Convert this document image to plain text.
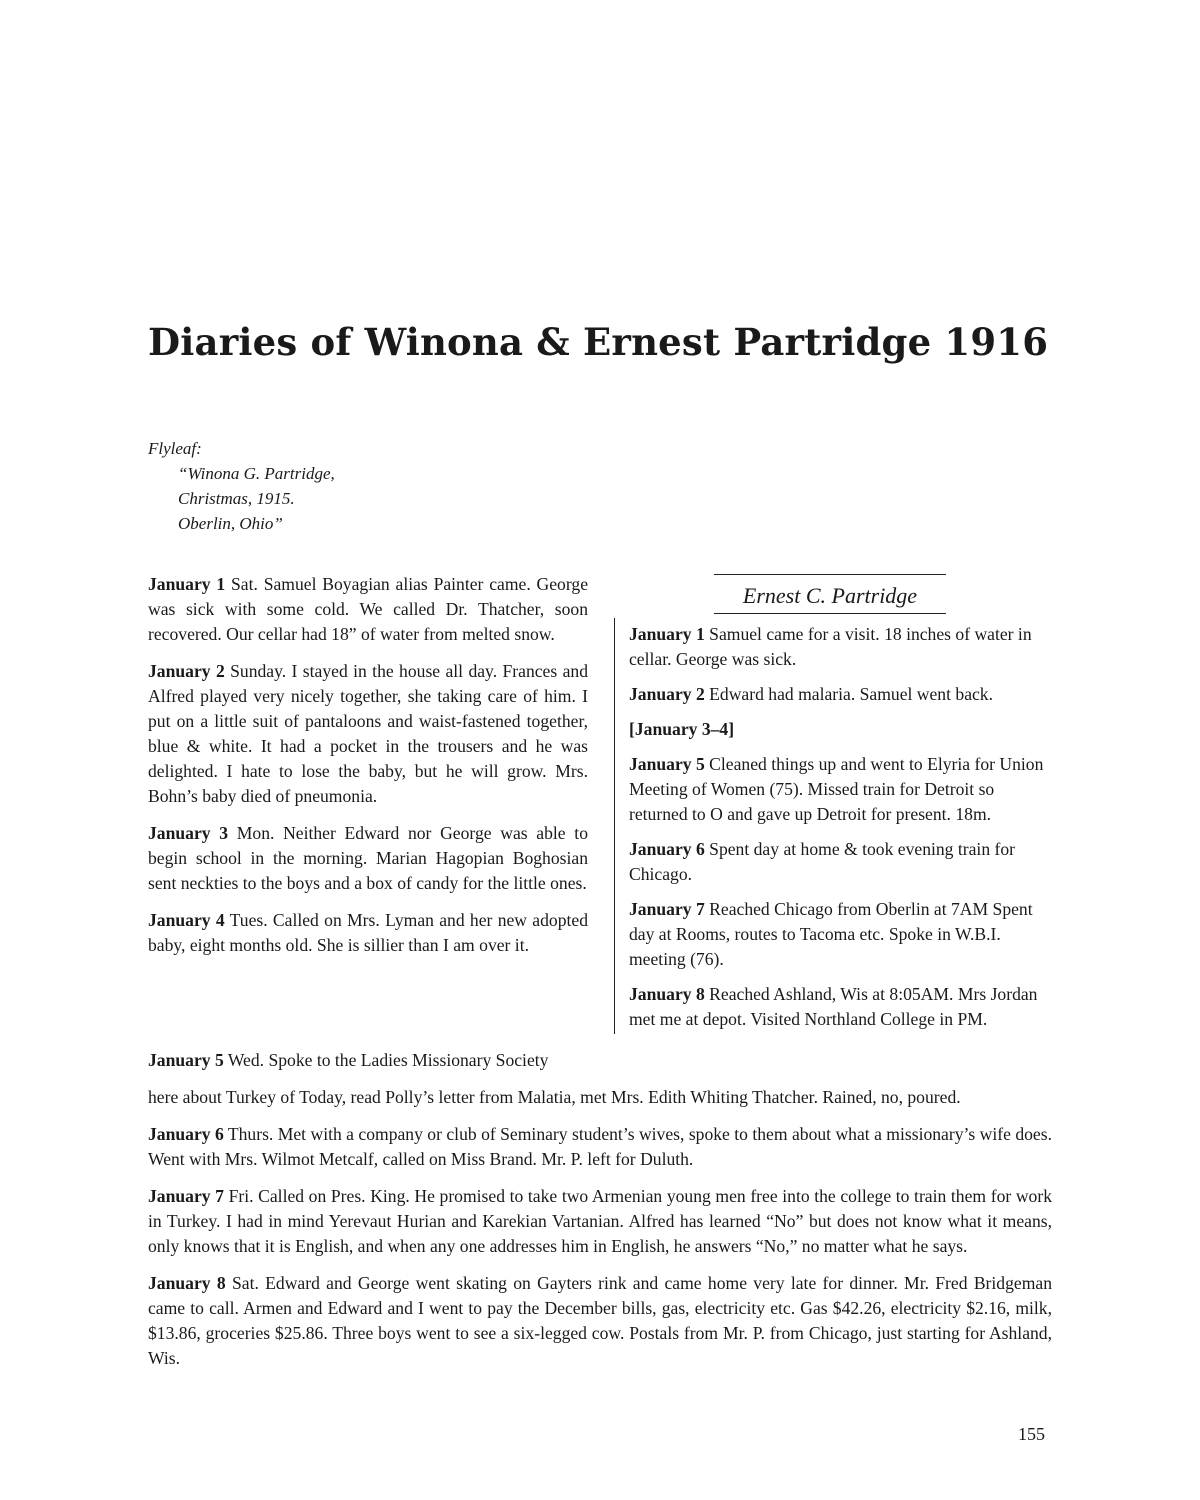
Diaries of Winona & Ernest Partridge 1916
Flyleaf:
“Winona G. Partridge,
Christmas, 1915.
Oberlin, Ohio”

January 1 Sat. Samuel Boyagian alias Painter came. George was sick with some cold. We called Dr. Thatcher, soon recovered. Our cellar had 18” of water from melted snow.

January 2 Sunday. I stayed in the house all day. Frances and Alfred played very nicely together, she taking care of him. I put on a little suit of pantaloons and waist-fastened together, blue & white. It had a pocket in the trousers and he was delighted. I hate to lose the baby, but he will grow. Mrs. Bohn’s baby died of pneumonia.

January 3 Mon. Neither Edward nor George was able to begin school in the morning. Marian Hagopian Boghosian sent neckties to the boys and a box of candy for the little ones.

January 4 Tues. Called on Mrs. Lyman and her new adopted baby, eight months old. She is sillier than I am over it.

Ernest C. Partridge

January 1 Samuel came for a visit. 18 inches of water in cellar. George was sick.

January 2 Edward had malaria. Samuel went back.

[January 3–4]

January 5 Cleaned things up and went to Elyria for Union Meeting of Women (75). Missed train for Detroit so returned to O and gave up Detroit for present. 18m.

January 6 Spent day at home & took evening train for Chicago.

January 7 Reached Chicago from Oberlin at 7AM Spent day at Rooms, routes to Tacoma etc. Spoke in W.B.I. meeting (76).

January 8 Reached Ashland, Wis at 8:05AM. Mrs Jordan met me at depot. Visited Northland College in PM.

January 5 Wed. Spoke to the Ladies Missionary Society

here about Turkey of Today, read Polly’s letter from Malatia, met Mrs. Edith Whiting Thatcher. Rained, no, poured.

January 6 Thurs. Met with a company or club of Seminary student’s wives, spoke to them about what a missionary’s wife does. Went with Mrs. Wilmot Metcalf, called on Miss Brand. Mr. P. left for Duluth.

January 7 Fri. Called on Pres. King. He promised to take two Armenian young men free into the college to train them for work in Turkey. I had in mind Yerevaut Hurian and Karekian Vartanian. Alfred has learned “No” but does not know what it means, only knows that it is English, and when any one addresses him in English, he answers “No,” no matter what he says.

January 8 Sat. Edward and George went skating on Gayters rink and came home very late for dinner. Mr. Fred Bridgeman came to call. Armen and Edward and I went to pay the December bills, gas, electricity etc. Gas $42.26, electricity $2.16, milk, $13.86, groceries $25.86. Three boys went to see a six-legged cow. Postals from Mr. P. from Chicago, just starting for Ashland, Wis.

155
